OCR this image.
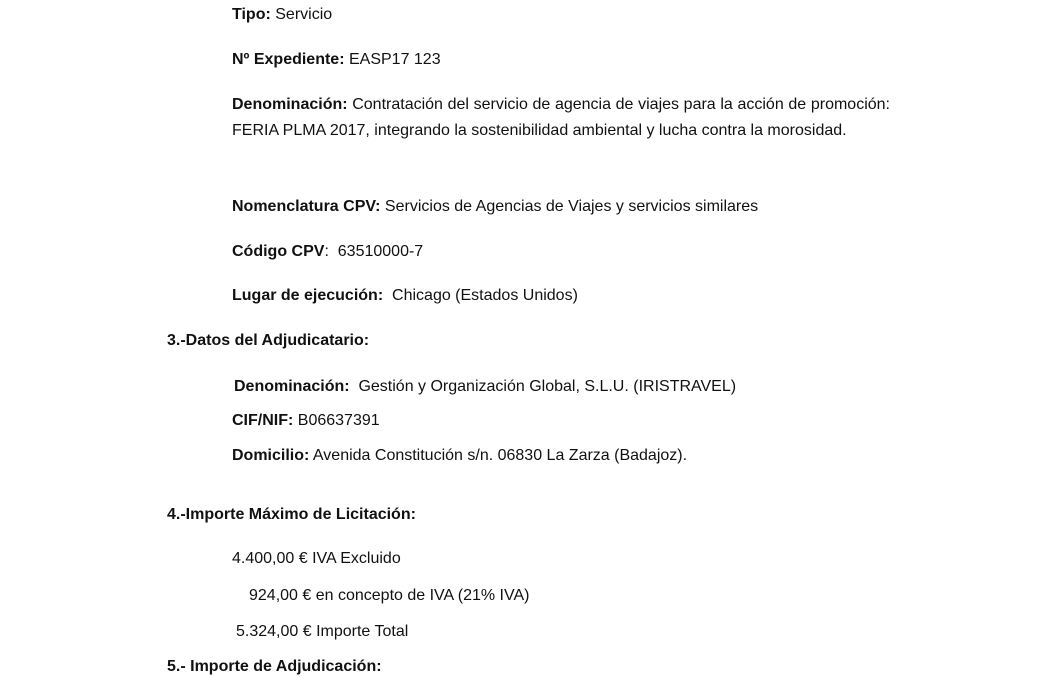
Tipo: Servicio
Nº Expediente: EASP17 123
Denominación: Contratación del servicio de agencia de viajes para la acción de promoción: FERIA PLMA 2017, integrando la sostenibilidad ambiental y lucha contra la morosidad.
Nomenclatura CPV: Servicios de Agencias de Viajes y servicios similares
Código CPV:  63510000-7
Lugar de ejecución:  Chicago (Estados Unidos)
3.-Datos del Adjudicatario:
Denominación:  Gestión y Organización Global, S.L.U. (IRISTRAVEL)
CIF/NIF: B06637391
Domicilio: Avenida Constitución s/n. 06830 La Zarza (Badajoz).
4.-Importe Máximo de Licitación:
4.400,00 € IVA Excluido
924,00 € en concepto de IVA (21% IVA)
5.324,00 € Importe Total
5.- Importe de Adjudicación:
